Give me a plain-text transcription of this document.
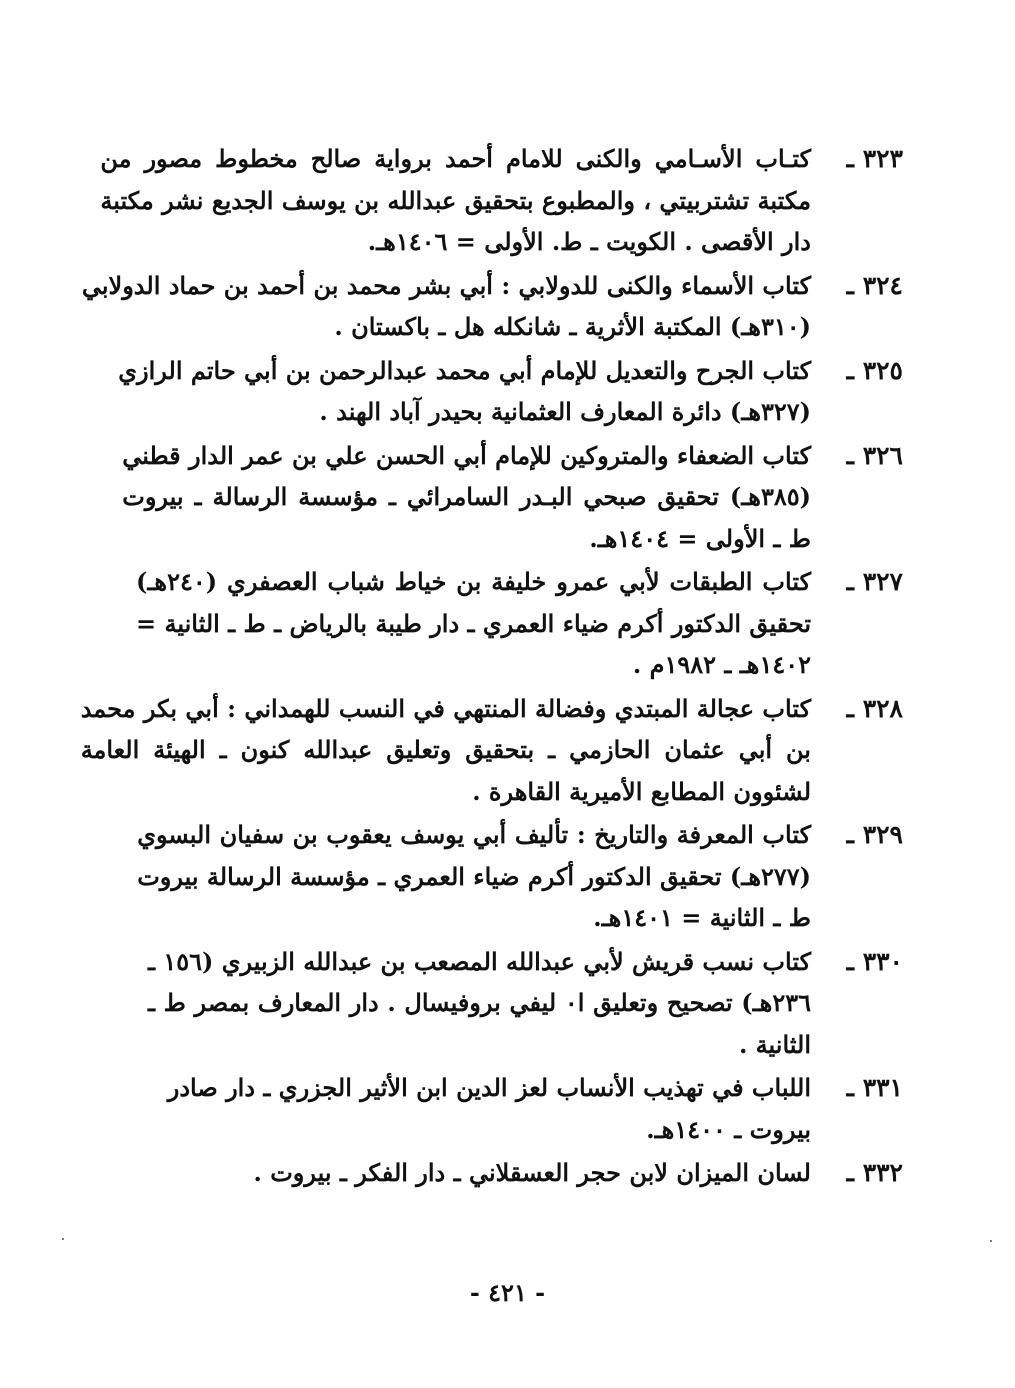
٣٢٣ ـ
كتـاب الأسـامي والكنى للامام أحمد برواية صالح مخطوط مصور من
مكتبة تشتربيتي ، والمطبوع بتحقيق عبدالله بن يوسف الجديع نشر مكتبة
دار الأقصى . الكويت ـ ط. الأولى = ١٤٠٦هـ.
٣٢٤ ـ
كتاب الأسماء والكنى للدولابي : أبي بشر محمد بن أحمد بن حماد الدولابي
(٣١٠هـ) المكتبة الأثرية ـ شانكله هل ـ باكستان .
٣٢٥ ـ
كتاب الجرح والتعديل للإمام أبي محمد عبدالرحمن بن أبي حاتم الرازي
(٣٢٧هـ) دائرة المعارف العثمانية بحيدر آباد الهند .
٣٢٦ ـ
كتاب الضعفاء والمتروكين للإمام أبي الحسن علي بن عمر الدار قطني
(٣٨٥هـ) تحقيق صبحي البـدر السامرائي ـ مؤسسة الرسالة ـ بيروت
ط ـ الأولى = ١٤٠٤هـ.
٣٢٧ ـ
كتاب الطبقات لأبي عمرو خليفة بن خياط شباب العصفري (٢٤٠هـ)
تحقيق الدكتور أكرم ضياء العمري ـ دار طيبة بالرياض ـ ط ـ الثانية =
١٤٠٢هـ ـ ١٩٨٢م .
٣٢٨ ـ
كتاب عجالة المبتدي وفضالة المنتهي في النسب للهمداني : أبي بكر محمد
بن أبي عثمان الحازمي ـ بتحقيق وتعليق عبدالله كنون ـ الهيئة العامة
لشئوون المطابع الأميرية القاهرة .
٣٢٩ ـ
كتاب المعرفة والتاريخ : تأليف أبي يوسف يعقوب بن سفيان البسوي
(٢٧٧هـ) تحقيق الدكتور أكرم ضياء العمري ـ مؤسسة الرسالة بيروت
ط ـ الثانية = ١٤٠١هـ.
٣٣٠ ـ
كتاب نسب قريش لأبي عبدالله المصعب بن عبدالله الزبيري (١٥٦ ـ
٢٣٦هـ) تصحيح وتعليق ا٠ ليفي بروفيسال . دار المعارف بمصر ط ـ
الثانية .
٣٣١ ـ
اللباب في تهذيب الأنساب لعز الدين ابن الأثير الجزري ـ دار صادر
بيروت ـ ١٤٠٠هـ.
٣٣٢ ـ
لسان الميزان لابن حجر العسقلاني ـ دار الفكر ـ بيروت .
- ٤٢١ -
